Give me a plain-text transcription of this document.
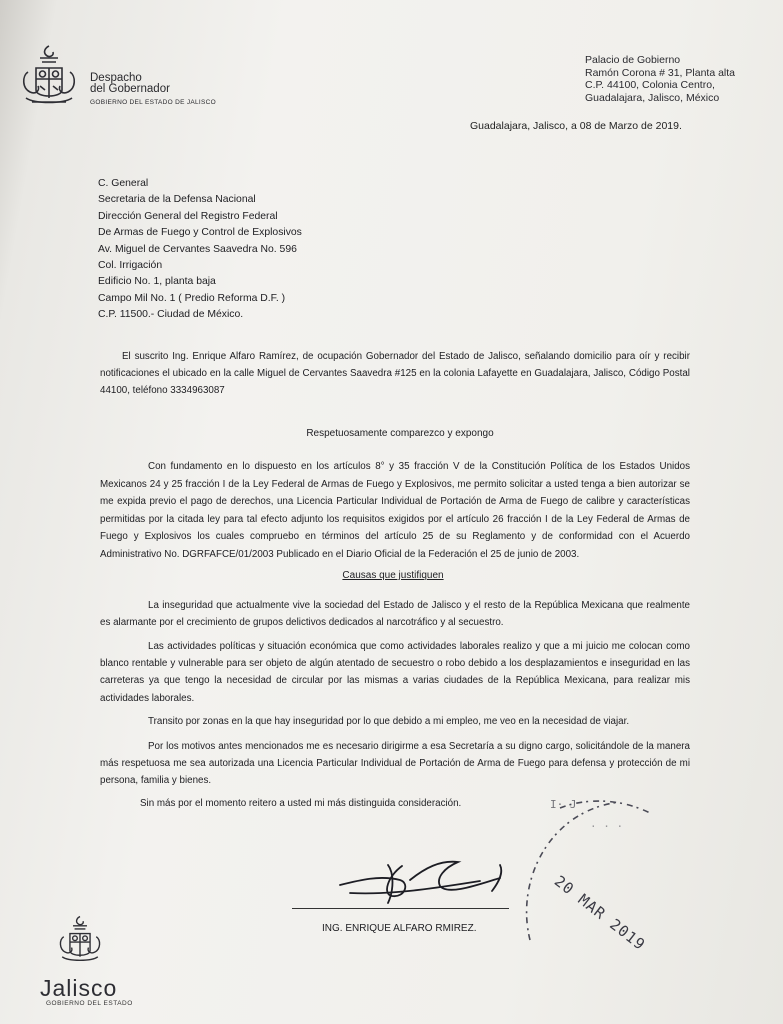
Despacho
del Gobernador
GOBIERNO DEL ESTADO DE JALISCO
Palacio de Gobierno
Ramón Corona # 31, Planta alta
C.P. 44100, Colonia Centro,
Guadalajara, Jalisco, México
Guadalajara, Jalisco, a 08 de Marzo de 2019.
C. General
Secretaria de la Defensa Nacional
Dirección General del Registro Federal
De Armas de Fuego y Control de Explosivos
Av. Miguel de Cervantes Saavedra No. 596
Col. Irrigación
Edificio No. 1, planta baja
Campo Mil No. 1 ( Predio Reforma D.F. )
C.P. 11500.- Ciudad de México.
El suscrito Ing. Enrique Alfaro Ramírez, de ocupación Gobernador del Estado de Jalisco, señalando domicilio para oír y recibir notificaciones el ubicado en la calle Miguel de Cervantes Saavedra #125 en la colonia Lafayette en Guadalajara, Jalisco, Código Postal 44100, teléfono 3334963087
Respetuosamente comparezco y expongo
Con fundamento en lo dispuesto en los artículos 8° y 35 fracción V de la Constitución Política de los Estados Unidos Mexicanos 24 y 25 fracción I de la Ley Federal de Armas de Fuego y Explosivos, me permito solicitar a usted tenga a bien autorizar se me expida previo el pago de derechos, una Licencia Particular Individual de Portación de Arma de Fuego de calibre y características permitidas por la citada ley para tal efecto adjunto los requisitos exigidos por el artículo 26 fracción I de la Ley Federal de Armas de Fuego y Explosivos los cuales compruebo en términos del artículo 25 de su Reglamento y de conformidad con el Acuerdo Administrativo No. DGRFAFCE/01/2003 Publicado en el Diario Oficial de la Federación el 25 de junio de 2003.
Causas que justifiquen
La inseguridad que actualmente vive la sociedad del Estado de Jalisco y el resto de la República Mexicana que realmente es alarmante por el crecimiento de grupos delictivos dedicados al narcotráfico y al secuestro.
Las actividades políticas y situación económica que como actividades laborales realizo y que a mi juicio me colocan como blanco rentable y vulnerable para ser objeto de algún atentado de secuestro o robo debido a los desplazamientos e inseguridad en las carreteras ya que tengo la necesidad de circular por las mismas a varias ciudades de la República Mexicana, para realizar mis actividades laborales.
Transito por zonas en la que hay inseguridad por lo que debido a mi empleo, me veo en la necesidad de viajar.
Por los motivos antes mencionados me es necesario dirigirme a esa Secretaría a su digno cargo, solicitándole de la manera más respetuosa me sea autorizada una Licencia Particular Individual de Portación de Arma de Fuego para defensa y protección de mi persona, familia y bienes.
Sin más por el momento reitero a usted mi más distinguida consideración.
ING. ENRIQUE ALFARO RMIREZ.
I· J
· · ·
20 MAR 2019
Jalisco
GOBIERNO DEL ESTADO
